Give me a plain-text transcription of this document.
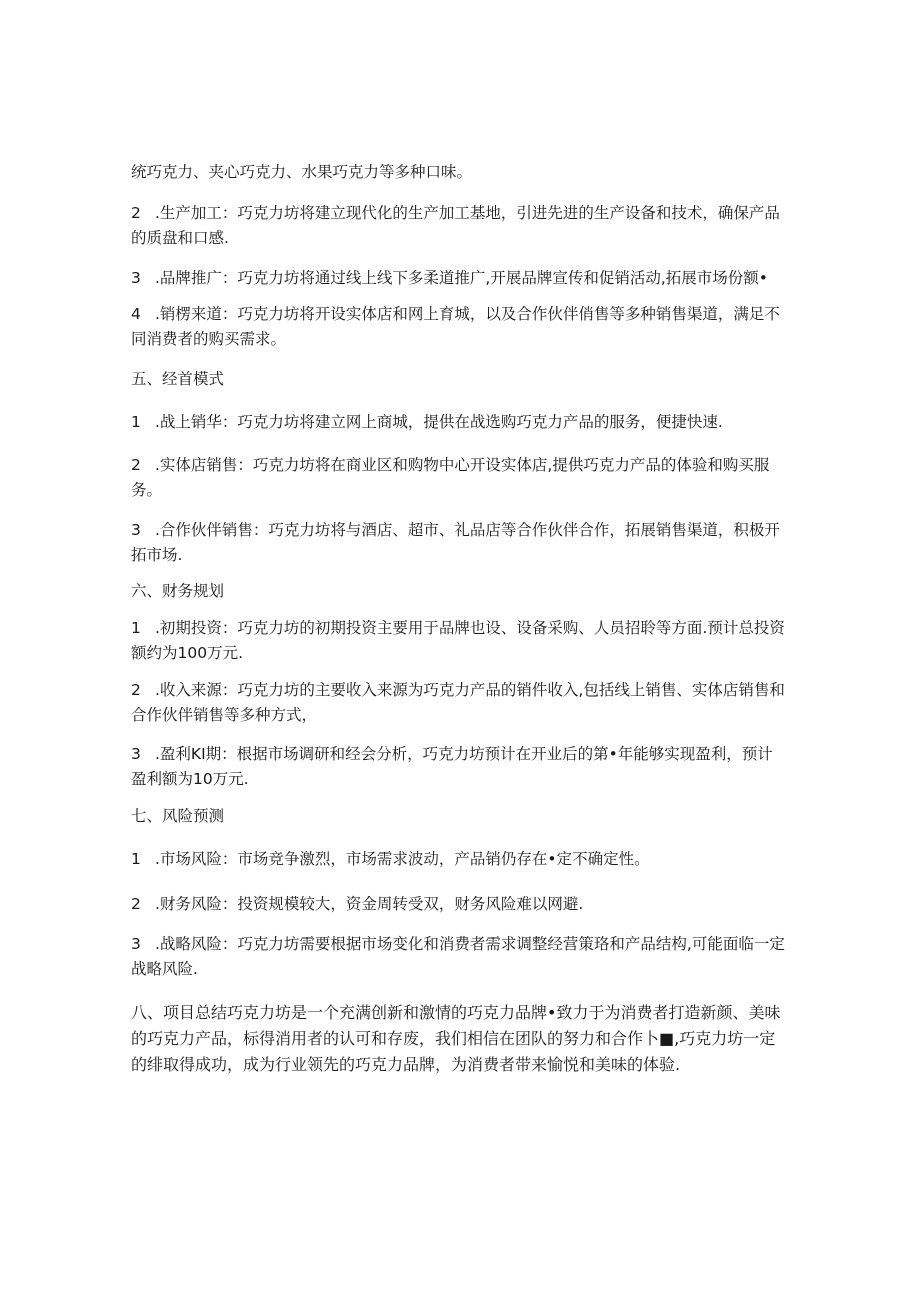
统巧克力、夹心巧克力、水果巧克力等多种口味。

2 .生产加工：巧克力坊将建立现代化的生产加工基地，引进先进的生产设备和技术，确保产品的质盘和口感.

3 .品牌推广：巧克力坊将通过线上线下多柔道推广,开展品牌宣传和促销活动,拓展市场份额•

4 .销楞来道：巧克力坊将开设实体店和网上育城，以及合作伙伴俏售等多种销售渠道，满足不同消费者的购买需求。

五、经首模式

1 .战上销华：巧克力坊将建立网上商城，提供在战选购巧克力产品的服务，便捷快速.

2 .实体店销售：巧克力坊将在商业区和购物中心开设实体店,提供巧克力产品的体验和购买服务。

3 .合作伙伴销售：巧克力坊将与酒店、超市、礼品店等合作伙伴合作，拓展销售渠道，积极开拓市场.

六、财务规划

1 .初期投资：巧克力坊的初期投资主要用于品牌也设、设备采购、人员招聆等方面.预计总投资额约为100万元.

2 .收入来源：巧克力坊的主要收入来源为巧克力产品的销件收入,包括线上销售、实体店销售和合作伙伴销售等多种方式，

3 .盈利KI期：根据市场调研和经会分析，巧克力坊预计在开业后的第•年能够实现盈利，预计盈利额为10万元.

七、风险预测

1 .市场风险：市场竞争激烈，市场需求波动，产品销仍存在•定不确定性。

2 .财务风险：投资规模较大，资金周转受双，财务风险难以网避.

3 .战略风险：巧克力坊需要根据市场变化和消费者需求调整经营策珞和产品结构,可能面临一定战略风险.

八、项目总结巧克力坊是一个充满创新和激情的巧克力品牌•致力于为消费者打造新颜、美味的巧克力产品，标得消用者的认可和存废，我们相信在团队的努力和合作卜■,巧克力坊一定的绯取得成功，成为行业领先的巧克力品牌，为消费者带来愉悦和美味的体验.
